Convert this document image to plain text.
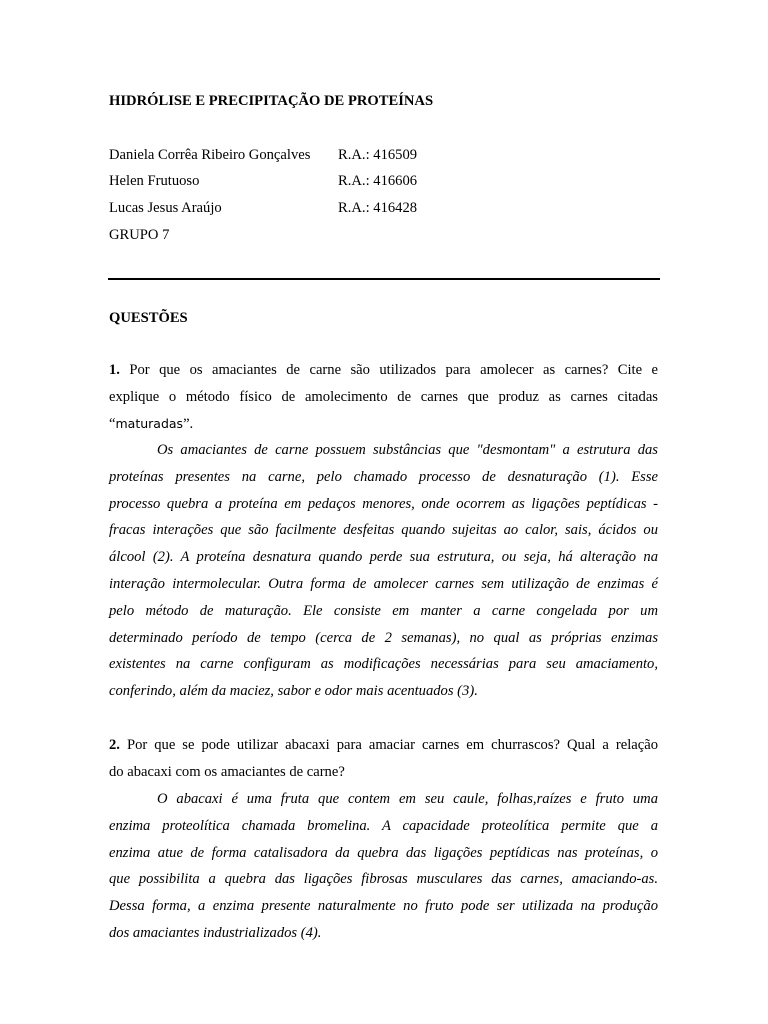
HIDRÓLISE E PRECIPITAÇÃO DE PROTEÍNAS
Daniela Corrêa Ribeiro Gonçalves R.A.: 416509
Helen Frutuoso	R.A.: 416606
Lucas Jesus Araújo	R.A.: 416428
GRUPO 7
QUESTÕES
1. Por que os amaciantes de carne são utilizados para amolecer as carnes? Cite e
explique o método físico de amolecimento de carnes que produz as carnes citadas
“maturadas”.
Os amaciantes de carne possuem substâncias que "desmontam" a estrutura das
proteínas presentes na carne, pelo chamado processo de desnaturação (1). Esse
processo quebra a proteína em pedaços menores, onde ocorrem as ligações peptídicas -
fracas interações que são facilmente desfeitas quando sujeitas ao calor, sais, ácidos ou
álcool (2). A proteína desnatura quando perde sua estrutura, ou seja, há alteração na
interação intermolecular. Outra forma de amolecer carnes sem utilização de enzimas é
pelo método de maturação. Ele consiste em manter a carne congelada por um
determinado período de tempo (cerca de 2 semanas), no qual as próprias enzimas
existentes na carne configuram as modificações necessárias para seu amaciamento,
conferindo, além da maciez, sabor e odor mais acentuados (3).
2. Por que se pode utilizar abacaxi para amaciar carnes em churrascos? Qual a relação
do abacaxi com os amaciantes de carne?
O abacaxi é uma fruta que contem em seu caule, folhas,raízes e fruto uma
enzima proteolítica chamada bromelina. A capacidade proteolítica permite que a
enzima atue de forma catalisadora da quebra das ligações peptídicas nas proteínas, o
que possibilita a quebra das ligações fibrosas musculares das carnes, amaciando-as.
Dessa forma, a enzima presente naturalmente no fruto pode ser utilizada na produção
dos amaciantes industrializados (4).
